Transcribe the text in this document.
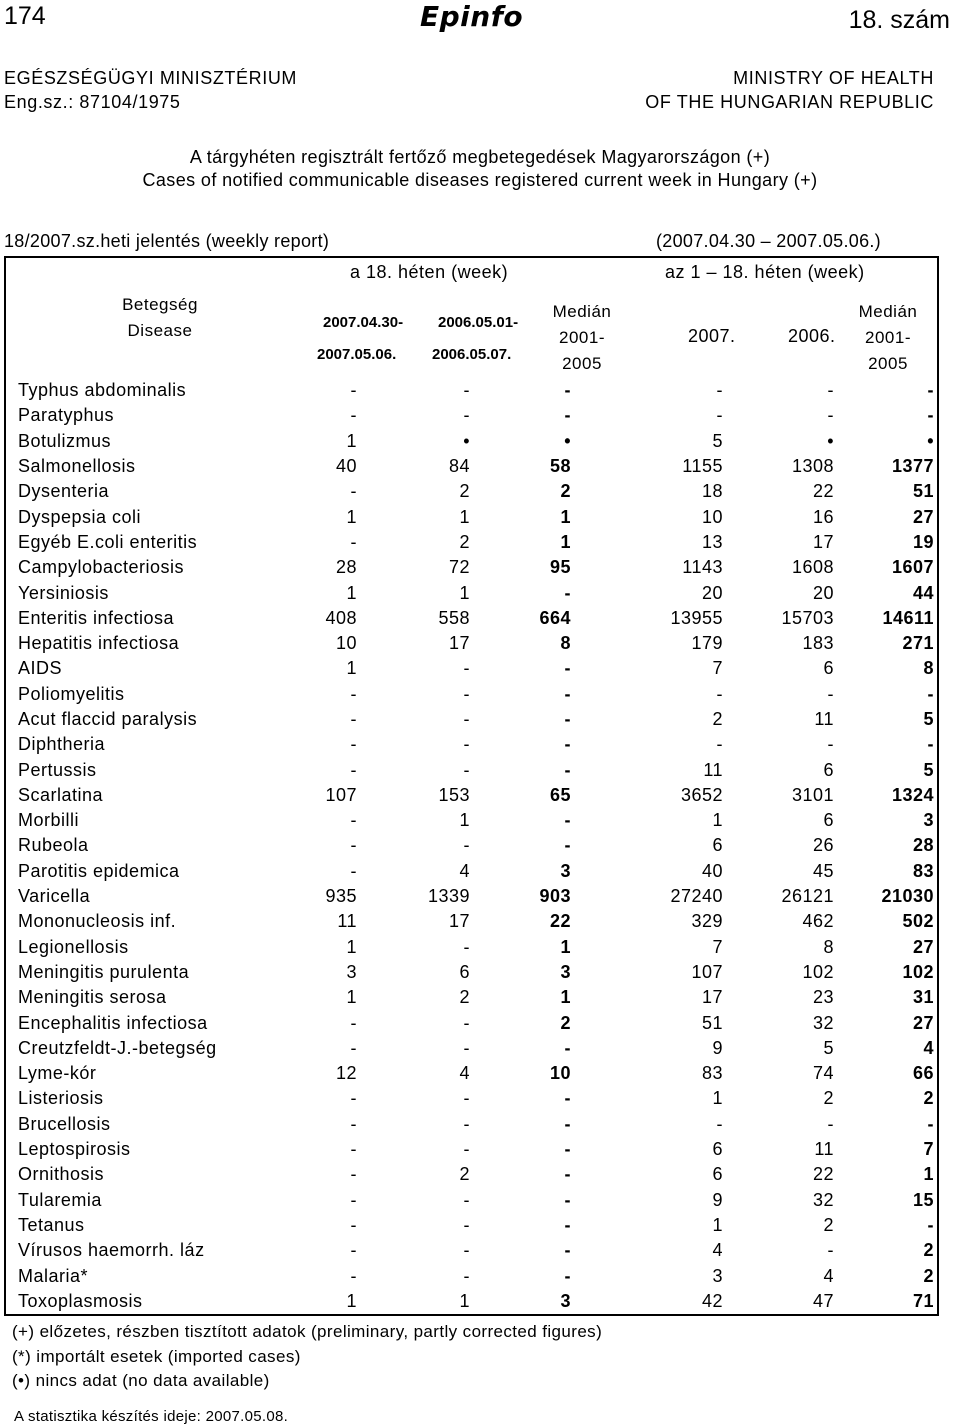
174	Epinfo	18. szám
EGÉSZSÉGÜGYI MINISZTÉRIUM
Eng.sz.: 87104/1975
MINISTRY OF HEALTH
OF THE HUNGARIAN REPUBLIC
A tárgyhéten regisztrált fertőző megbetegedések Magyarországon (+)
Cases of notified communicable diseases registered current week in Hungary (+)
18/2007.sz.heti jelentés (weekly report)	(2007.04.30 – 2007.05.06.)
Betegség
Disease
a 18. héten (week)	az 1 – 18. héten (week)
2007.04.30-
2007.05.06.
2006.05.01-
2006.05.07.
Medián
2001-
2005
2007.	2006.
Medián
2001-
2005
Typhus abdominalis	-	-	-	-	-	-
Paratyphus	-	-	-	-	-	-
Botulizmus	1	•	•	5	•	•
Salmonellosis	40	84	58	1155	1308	1377
Dysenteria	-	2	2	18	22	51
Dyspepsia coli	1	1	1	10	16	27
Egyéb E.coli enteritis	-	2	1	13	17	19
Campylobacteriosis	28	72	95	1143	1608	1607
Yersiniosis	1	1	-	20	20	44
Enteritis infectiosa	408	558	664	13955	15703	14611
Hepatitis infectiosa	10	17	8	179	183	271
AIDS	1	-	-	7	6	8
Poliomyelitis	-	-	-	-	-	-
Acut flaccid paralysis	-	-	-	2	11	5
Diphtheria	-	-	-	-	-	-
Pertussis	-	-	-	11	6	5
Scarlatina	107	153	65	3652	3101	1324
Morbilli	-	1	-	1	6	3
Rubeola	-	-	-	6	26	28
Parotitis epidemica	-	4	3	40	45	83
Varicella	935	1339	903	27240	26121	21030
Mononucleosis inf.	11	17	22	329	462	502
Legionellosis	1	-	1	7	8	27
Meningitis purulenta	3	6	3	107	102	102
Meningitis serosa	1	2	1	17	23	31
Encephalitis infectiosa	-	-	2	51	32	27
Creutzfeldt-J.-betegség	-	-	-	9	5	4
Lyme-kór	12	4	10	83	74	66
Listeriosis	-	-	-	1	2	2
Brucellosis	-	-	-	-	-	-
Leptospirosis	-	-	-	6	11	7
Ornithosis	-	2	-	6	22	1
Tularemia	-	-	-	9	32	15
Tetanus	-	-	-	1	2	-
Vírusos haemorrh. láz	-	-	-	4	-	2
Malaria*	-	-	-	3	4	2
Toxoplasmosis	1	1	3	42	47	71
(+) előzetes, részben tisztított adatok (preliminary, partly corrected figures)
(*) importált esetek (imported cases)
(•) nincs adat (no data available)
A statisztika készítés ideje: 2007.05.08.
